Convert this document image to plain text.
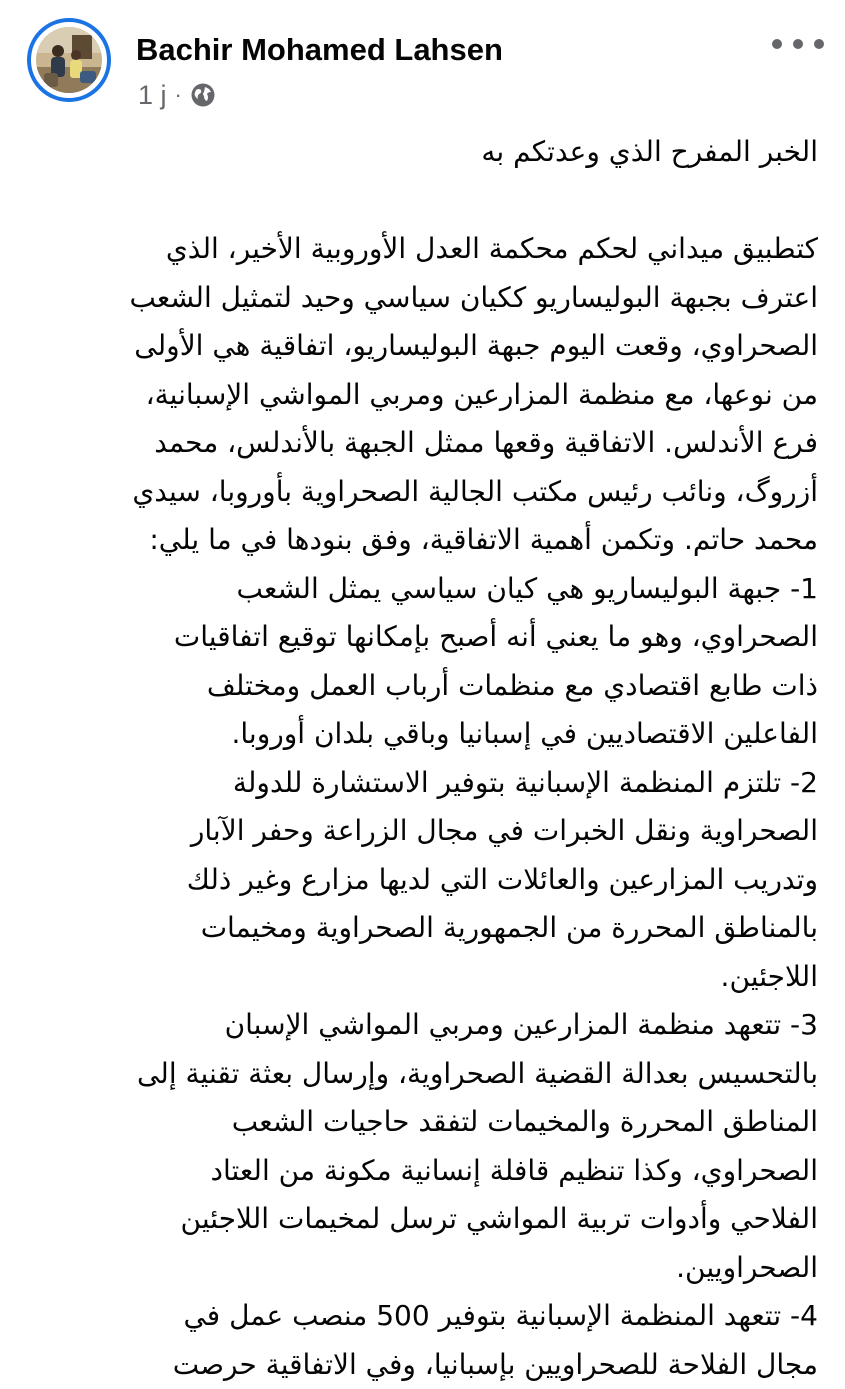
Bachir Mohamed Lahsen
1 j ·

الخبر المفرح الذي وعدتكم به

كتطبيق ميداني لحكم محكمة العدل الأوروبية الأخير، الذي

اعترف بجبهة البوليساريو ككيان سياسي وحيد لتمثيل الشعب

الصحراوي، وقعت اليوم جبهة البوليساريو، اتفاقية هي الأولى

من نوعها، مع منظمة المزارعين ومربي المواشي الإسبانية،

فرع الأندلس. الاتفاقية وقعها ممثل الجبهة بالأندلس، محمد

أزروگ، ونائب رئيس مكتب الجالية الصحراوية بأوروبا، سيدي

محمد حاتم. وتكمن أهمية الاتفاقية، وفق بنودها في ما يلي:

1- جبهة البوليساريو هي كيان سياسي يمثل الشعب

الصحراوي، وهو ما يعني أنه أصبح بإمكانها توقيع اتفاقيات

ذات طابع اقتصادي مع منظمات أرباب العمل ومختلف

الفاعلين الاقتصاديين في إسبانيا وباقي بلدان أوروبا.

2- تلتزم المنظمة الإسبانية بتوفير الاستشارة للدولة

الصحراوية ونقل الخبرات في مجال الزراعة وحفر الآبار

وتدريب المزارعين والعائلات التي لديها مزارع وغير ذلك

بالمناطق المحررة من الجمهورية الصحراوية ومخيمات

اللاجئين.

3- تتعهد منظمة المزارعين ومربي المواشي الإسبان

بالتحسيس بعدالة القضية الصحراوية، وإرسال بعثة تقنية إلى

المناطق المحررة والمخيمات لتفقد حاجيات الشعب

الصحراوي، وكذا تنظيم قافلة إنسانية مكونة من العتاد

الفلاحي وأدوات تربية المواشي ترسل لمخيمات اللاجئين

الصحراويين.

4- تتعهد المنظمة الإسبانية بتوفير 500 منصب عمل في

مجال الفلاحة للصحراويين بإسبانيا، وفي الاتفاقية حرصت
